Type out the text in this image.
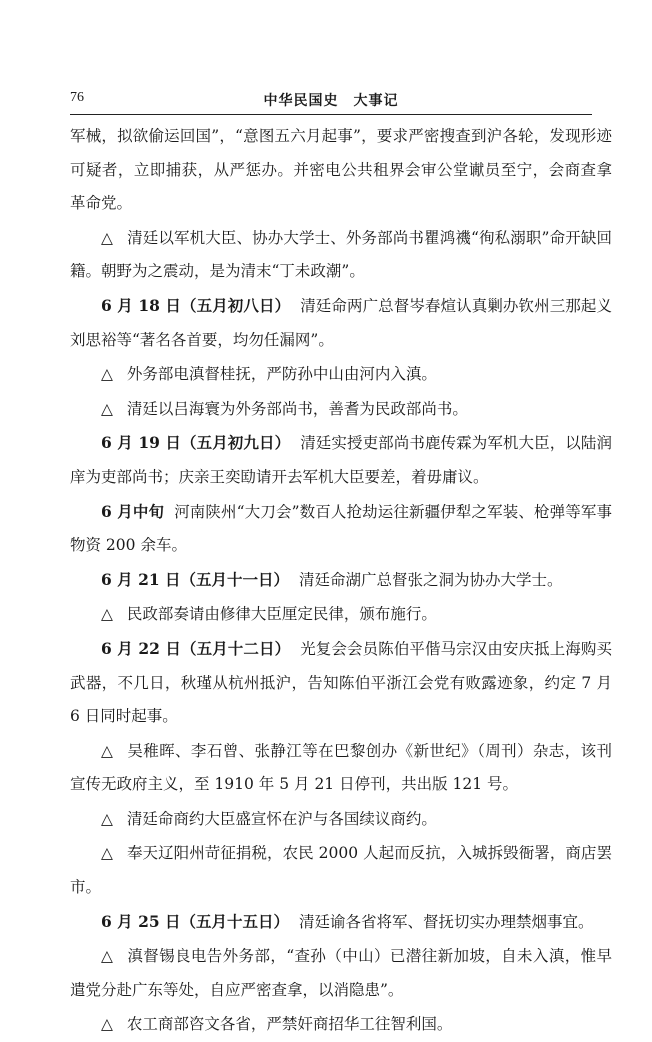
76	中华民国史　大事记

军械，拟欲偷运回国”，“意图五六月起事”，要求严密搜查到沪各轮，发现形迹可疑者，立即捕获，从严惩办。并密电公共租界会审公堂谳员至宁，会商查拿革命党。

△ 清廷以军机大臣、协办大学士、外务部尚书瞿鸿禨“徇私溺职”命开缺回籍。朝野为之震动，是为清末“丁未政潮”。

6 月 18 日（五月初八日） 清廷命两广总督岑春煊认真剿办钦州三那起义刘思裕等“著名各首要，均勿任漏网”。

△ 外务部电滇督桂抚，严防孙中山由河内入滇。

△ 清廷以吕海寰为外务部尚书，善耆为民政部尚书。

6 月 19 日（五月初九日） 清廷实授吏部尚书鹿传霖为军机大臣，以陆润庠为吏部尚书；庆亲王奕劻请开去军机大臣要差，着毋庸议。

6 月中旬 河南陕州“大刀会”数百人抢劫运往新疆伊犁之军装、枪弹等军事物资 200 余车。

6 月 21 日（五月十一日） 清廷命湖广总督张之洞为协办大学士。

△ 民政部奏请由修律大臣厘定民律，颁布施行。

6 月 22 日（五月十二日） 光复会会员陈伯平偕马宗汉由安庆抵上海购买武器，不几日，秋瑾从杭州抵沪，告知陈伯平浙江会党有败露迹象，约定 7 月 6 日同时起事。

△ 吴稚晖、李石曾、张静江等在巴黎创办《新世纪》（周刊）杂志，该刊宣传无政府主义，至 1910 年 5 月 21 日停刊，共出版 121 号。

△ 清廷命商约大臣盛宣怀在沪与各国续议商约。

△ 奉天辽阳州苛征捐税，农民 2000 人起而反抗，入城拆毁衙署，商店罢市。

6 月 25 日（五月十五日） 清廷谕各省将军、督抚切实办理禁烟事宜。

△ 滇督锡良电告外务部，“查孙（中山）已潜往新加坡，自未入滇，惟早遣党分赴广东等处，自应严密查拿，以消隐患”。

△ 农工商部咨文各省，严禁奸商招华工往智利国。
